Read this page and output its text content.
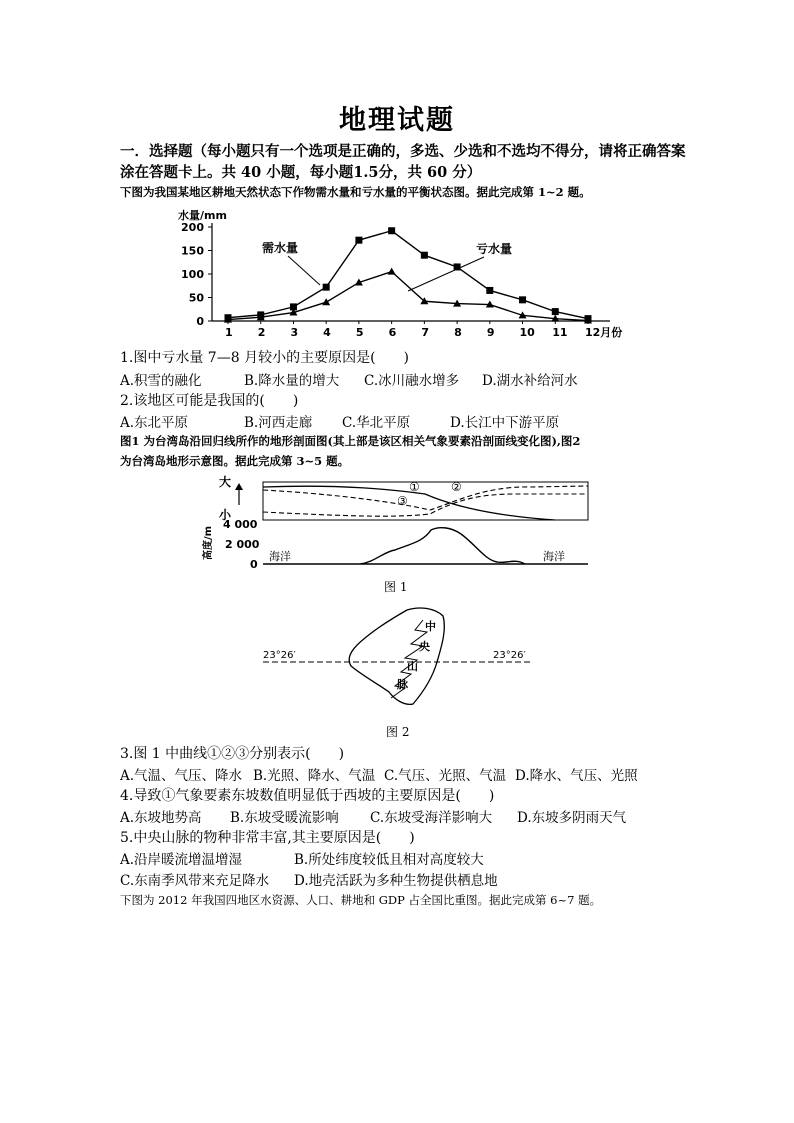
地理试题
一．选择题（每小题只有一个选项是正确的，多选、少选和不选均不得分，请将正确答案
涂在答题卡上。共 40 小题，每小题1.5分，共 60 分）
下图为我国某地区耕地天然状态下作物需水量和亏水量的平衡状态图。据此完成第 1~2 题。
水量/mm
0
50
100
150
200
1 2 3 4 5 6 7 8 9 10 11 12月份
需水量	亏水量
1.图中亏水量 7—8 月较小的主要原因是(　　)
A.积雪的融化	B.降水量的增大 C.冰川融水增多 D.湖水补给河水
2.该地区可能是我国的(　　)
A.东北平原	B.河西走廊 C.华北平原	D.长江中下游平原
图1 为台湾岛沿回归线所作的地形剖面图(其上部是该区相关气象要素沿剖面线变化图),图2
为台湾岛地形示意图。据此完成第 3~5 题。
大
小
①	②
③
高度/m
4 000
2 000
0
海洋	海洋
图 1
23°26′	23°26′
中
央
山
脉
图 2
3.图 1 中曲线①②③分别表示(　　)
A.气温、气压、降水 B.光照、降水、气温 C.气压、光照、气温 D.降水、气压、光照
4.导致①气象要素东坡数值明显低于西坡的主要原因是(　　)
A.东坡地势高 B.东坡受暖流影响 C.东坡受海洋影响大 D.东坡多阴雨天气
5.中央山脉的物种非常丰富,其主要原因是(　　)
A.沿岸暖流增温增湿	B.所处纬度较低且相对高度较大
C.东南季风带来充足降水 D.地壳活跃为多种生物提供栖息地
下图为 2012 年我国四地区水资源、人口、耕地和 GDP 占全国比重图。据此完成第 6~7 题。
